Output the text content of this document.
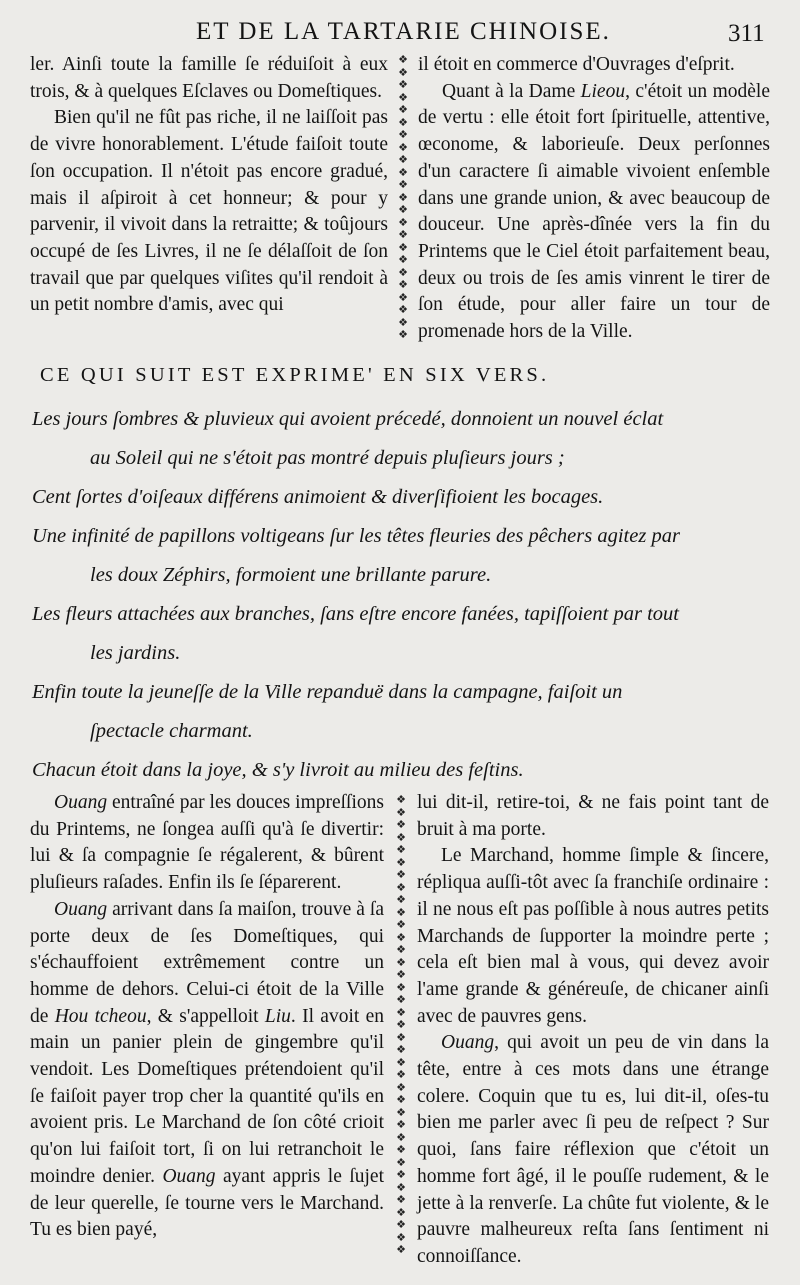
ET DE LA TARTARIE CHINOISE.	311

ler. Ainſi toute la famille ſe réduiſoit à eux trois, & à quelques Eſclaves ou Domeſtiques.

Bien qu'il ne fût pas riche, il ne laiſſoit pas de vivre honorablement. L'étude faiſoit toute ſon occupation. Il n'étoit pas encore gradué, mais il aſpiroit à cet honneur; & pour y parvenir, il vivoit dans la retraitte; & toûjours occupé de ſes Livres, il ne ſe délaſſoit de ſon travail que par quelques viſites qu'il rendoit à un petit nombre d'amis, avec qui

❖
❖
❖
❖
❖
❖
❖
❖
❖
❖
❖
❖
❖
❖
❖
❖
❖
❖
❖
❖
❖
❖
❖

il étoit en commerce d'Ouvrages d'eſprit.

Quant à la Dame Lieou, c'étoit un modèle de vertu : elle étoit fort ſpirituelle, attentive, œconome, & laborieuſe. Deux perſonnes d'un caractere ſi aimable vivoient enſemble dans une grande union, & avec beaucoup de douceur. Une après-dînée vers la fin du Printems que le Ciel étoit parfaitement beau, deux ou trois de ſes amis vinrent le tirer de ſon étude, pour aller faire un tour de promenade hors de la Ville.

CE QUI SUIT EST EXPRIME' EN SIX VERS.

Les jours ſombres & pluvieux qui avoient précedé, donnoient un nouvel éclat
au Soleil qui ne s'étoit pas montré depuis pluſieurs jours ;

Cent ſortes d'oiſeaux différens animoient & diverſifioient les bocages.

Une infinité de papillons voltigeans ſur les têtes fleuries des pêchers agitez par
les doux Zéphirs, formoient une brillante parure.

Les fleurs attachées aux branches, ſans eſtre encore fanées, tapiſſoient par tout
les jardins.

Enfin toute la jeuneſſe de la Ville repanduë dans la campagne, faiſoit un
ſpectacle charmant.

Chacun étoit dans la joye, & s'y livroit au milieu des feſtins.

Ouang entraîné par les douces impreſſions du Printems, ne ſongea auſſi qu'à ſe divertir: lui & ſa compagnie ſe régalerent, & bûrent pluſieurs raſades. Enfin ils ſe ſéparerent.

Ouang arrivant dans ſa maiſon, trouve à ſa porte deux de ſes Domeſtiques, qui s'échauffoient extrêmement contre un homme de dehors. Celui-ci étoit de la Ville de Hou tcheou, & s'appelloit Liu. Il avoit en main un panier plein de gingembre qu'il vendoit. Les Domeſtiques prétendoient qu'il ſe faiſoit payer trop cher la quantité qu'ils en avoient pris. Le Marchand de ſon côté crioit qu'on lui faiſoit tort, ſi on lui retranchoit le moindre denier. Ouang ayant appris le ſujet de leur querelle, ſe tourne vers le Marchand. Tu es bien payé,

❖
❖
❖
❖
❖
❖
❖
❖
❖
❖
❖
❖
❖
❖
❖
❖
❖
❖
❖
❖
❖
❖
❖
❖
❖
❖
❖
❖
❖
❖
❖
❖
❖
❖
❖
❖
❖

lui dit-il, retire-toi, & ne fais point tant de bruit à ma porte.

Le Marchand, homme ſimple & ſincere, répliqua auſſi-tôt avec ſa franchiſe ordinaire : il ne nous eſt pas poſſible à nous autres petits Marchands de ſupporter la moindre perte ; cela eſt bien mal à vous, qui devez avoir l'ame grande & généreuſe, de chicaner ainſi avec de pauvres gens.

Ouang, qui avoit un peu de vin dans la tête, entre à ces mots dans une étrange colere. Coquin que tu es, lui dit-il, oſes-tu bien me parler avec ſi peu de reſpect ? Sur quoi, ſans faire réflexion que c'étoit un homme fort âgé, il le pouſſe rudement, & le jette à la renverſe. La chûte fut violente, & le pauvre malheureux reſta ſans ſentiment ni connoiſſance.
